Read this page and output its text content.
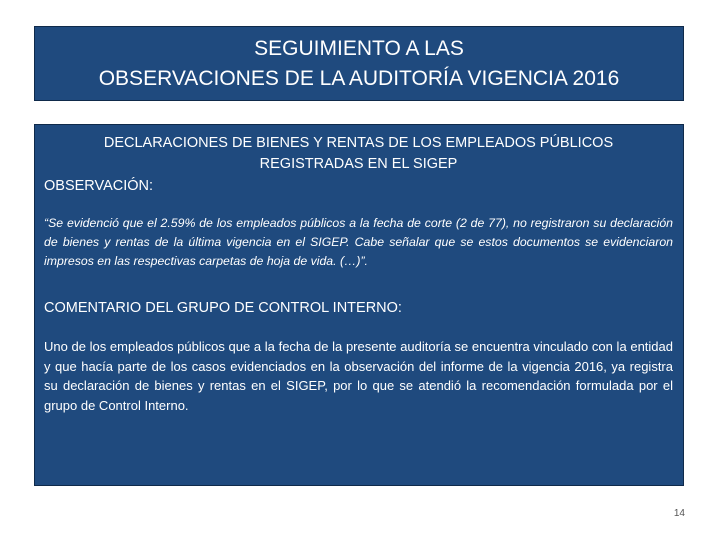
SEGUIMIENTO A LAS
OBSERVACIONES DE LA AUDITORÍA VIGENCIA 2016
DECLARACIONES DE BIENES Y RENTAS DE LOS EMPLEADOS PÚBLICOS
REGISTRADAS EN EL SIGEP
OBSERVACIÓN:
“Se evidenció que el 2.59% de los empleados públicos a la fecha de corte (2 de 77), no registraron su declaración de bienes y rentas de la última vigencia en el SIGEP. Cabe señalar que se estos documentos se evidenciaron impresos en las respectivas carpetas de hoja de vida. (…)”.
COMENTARIO DEL GRUPO DE CONTROL INTERNO:
Uno de los empleados públicos que a la fecha de la presente auditoría se encuentra vinculado con la entidad y que hacía parte de los casos evidenciados en la observación del informe de la vigencia 2016, ya registra su declaración de bienes y rentas en el SIGEP, por lo que se atendió la recomendación formulada por el grupo de Control Interno.
14
